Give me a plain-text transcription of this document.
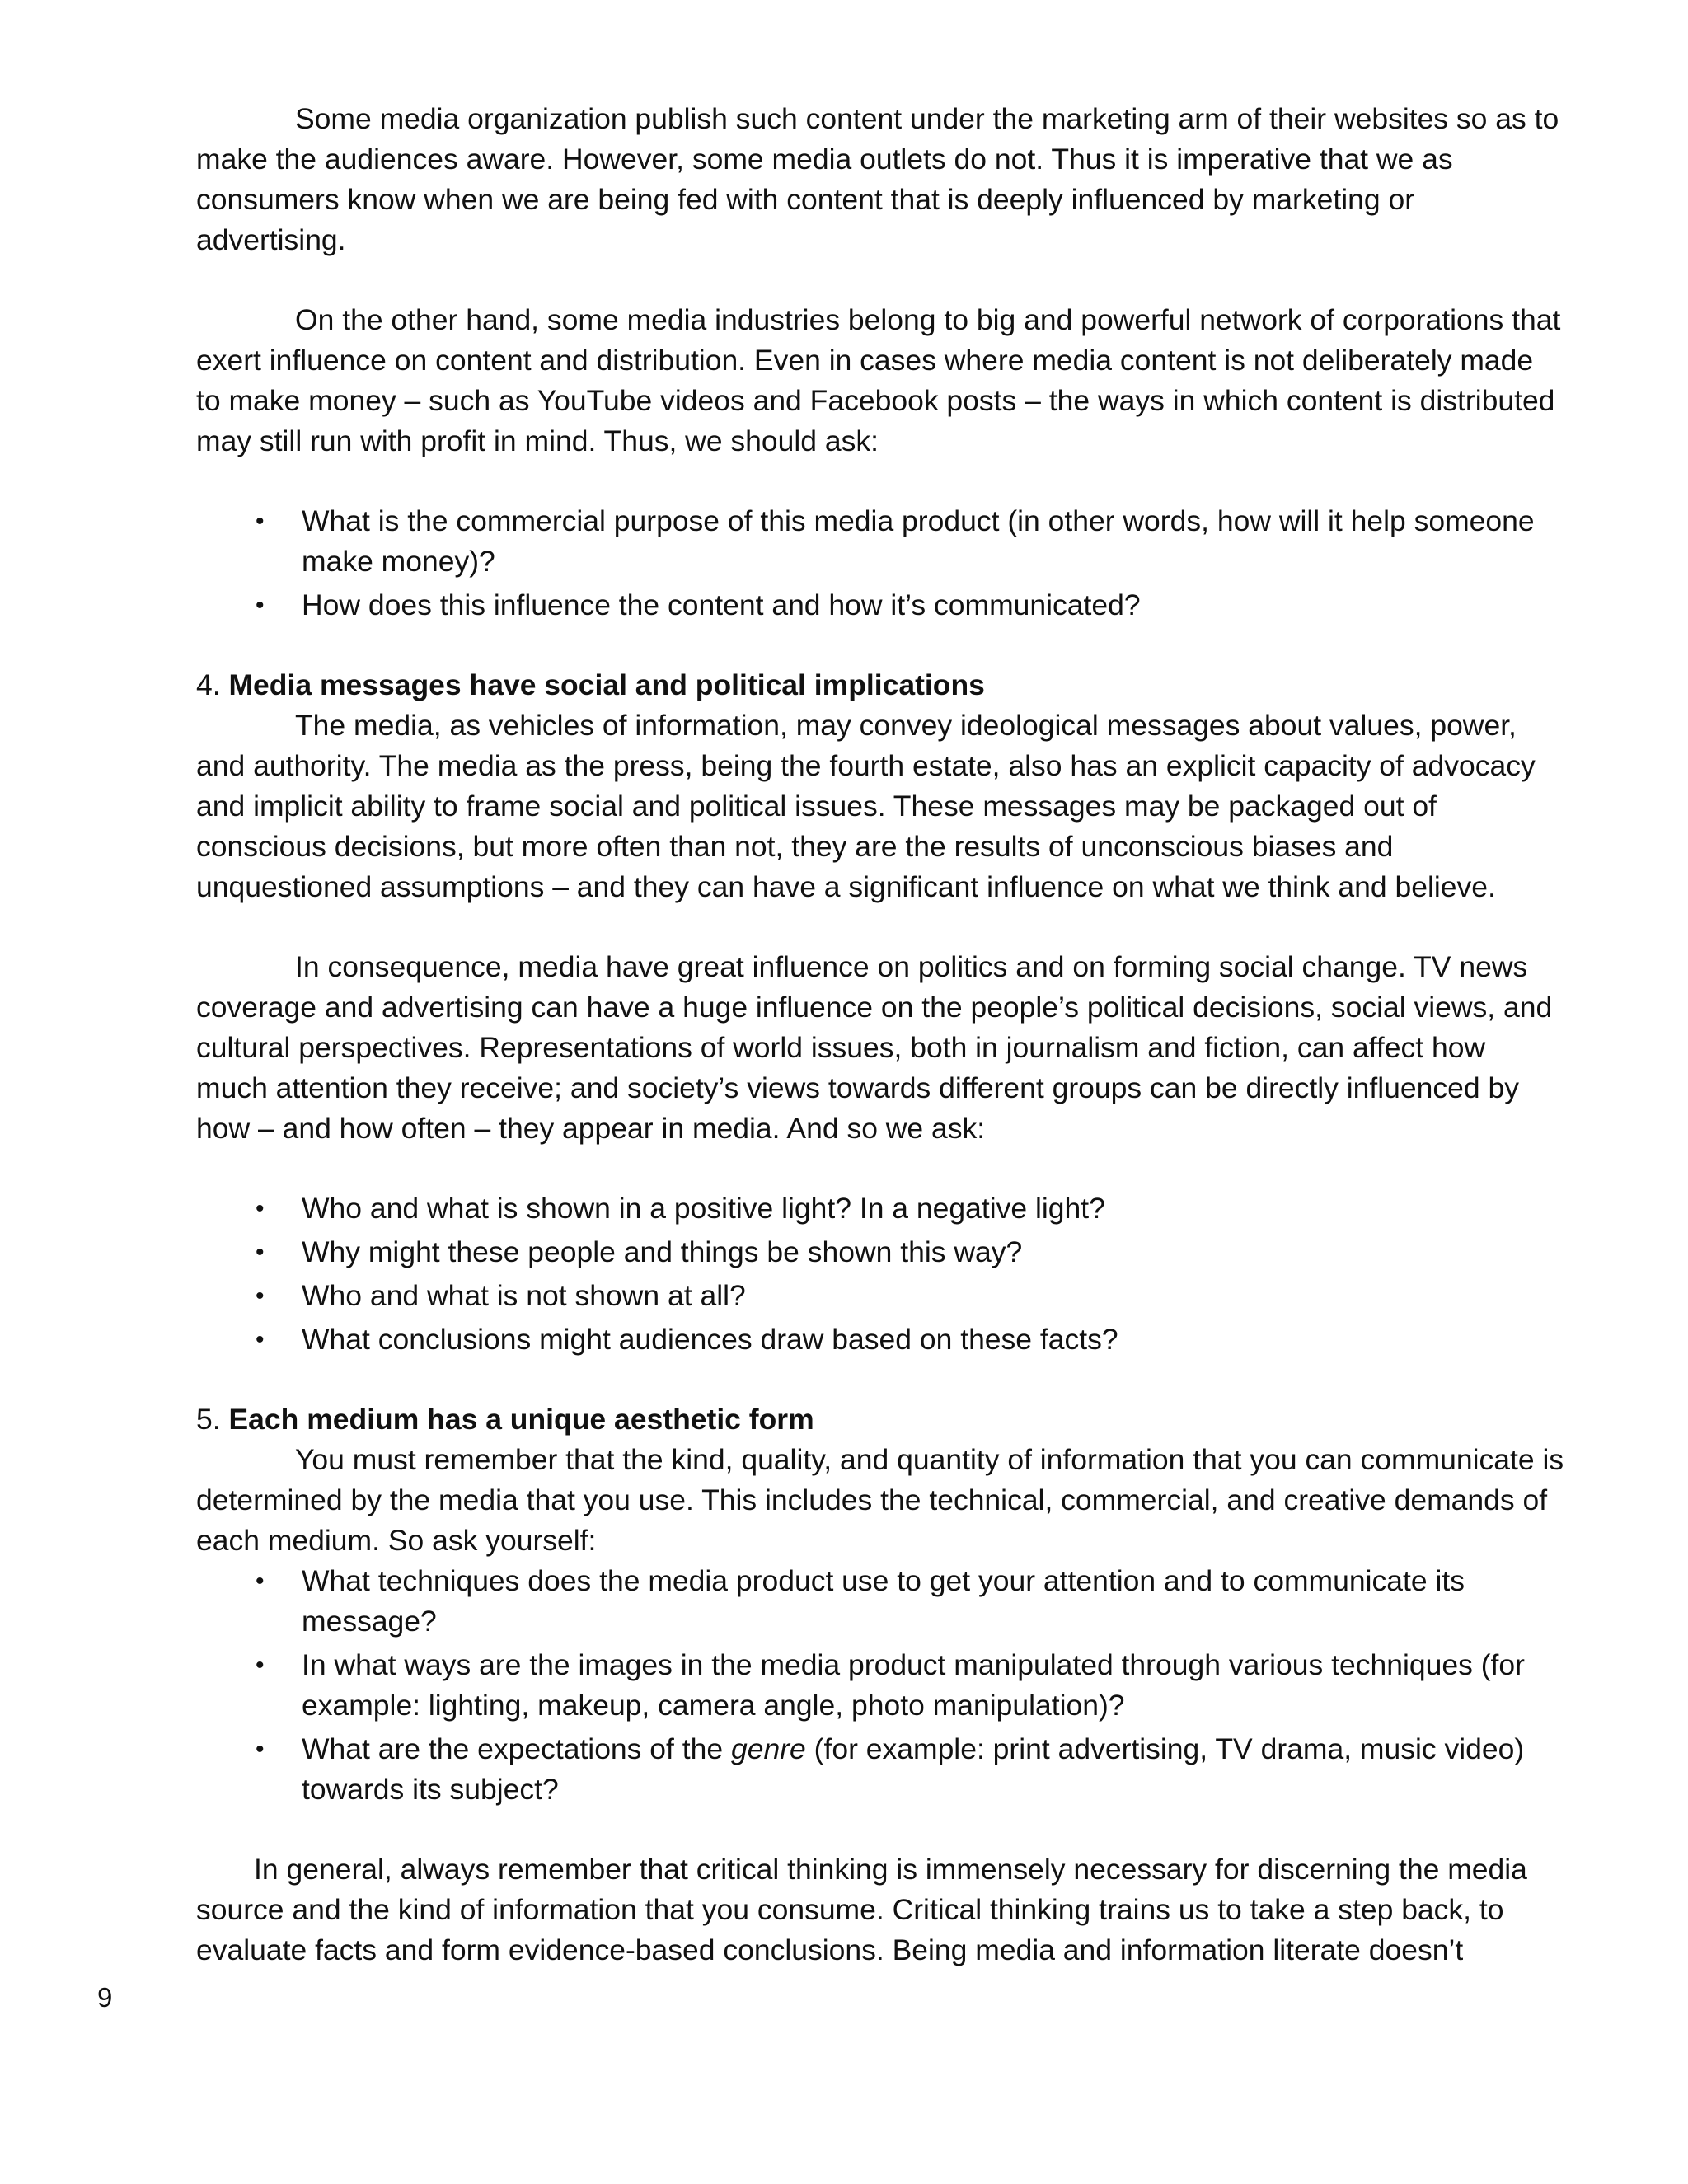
Some media organization publish such content under the marketing arm of their websites so as to make the audiences aware. However, some media outlets do not. Thus it is imperative that we as consumers know when we are being fed with content that is deeply influenced by marketing or advertising.

On the other hand, some media industries belong to big and powerful network of corporations that exert influence on content and distribution. Even in cases where media content is not deliberately made to make money – such as YouTube videos and Facebook posts – the ways in which content is distributed may still run with profit in mind. Thus, we should ask:

• What is the commercial purpose of this media product (in other words, how will it help someone make money)?
• How does this influence the content and how it’s communicated?

4. Media messages have social and political implications

The media, as vehicles of information, may convey ideological messages about values, power, and authority. The media as the press, being the fourth estate, also has an explicit capacity of advocacy and implicit ability to frame social and political issues. These messages may be packaged out of conscious decisions, but more often than not, they are the results of unconscious biases and unquestioned assumptions – and they can have a significant influence on what we think and believe.

In consequence, media have great influence on politics and on forming social change. TV news coverage and advertising can have a huge influence on the people’s political decisions, social views, and cultural perspectives. Representations of world issues, both in journalism and fiction, can affect how much attention they receive; and society’s views towards different groups can be directly influenced by how – and how often – they appear in media. And so we ask:

• Who and what is shown in a positive light? In a negative light?
• Why might these people and things be shown this way?
• Who and what is not shown at all?
• What conclusions might audiences draw based on these facts?

5. Each medium has a unique aesthetic form

You must remember that the kind, quality, and quantity of information that you can communicate is determined by the media that you use. This includes the technical, commercial, and creative demands of each medium. So ask yourself:

• What techniques does the media product use to get your attention and to communicate its message?
• In what ways are the images in the media product manipulated through various techniques (for example: lighting, makeup, camera angle, photo manipulation)?
• What are the expectations of the genre (for example: print advertising, TV drama, music video) towards its subject?

In general, always remember that critical thinking is immensely necessary for discerning the media source and the kind of information that you consume. Critical thinking trains us to take a step back, to evaluate facts and form evidence-based conclusions. Being media and information literate doesn’t

9
